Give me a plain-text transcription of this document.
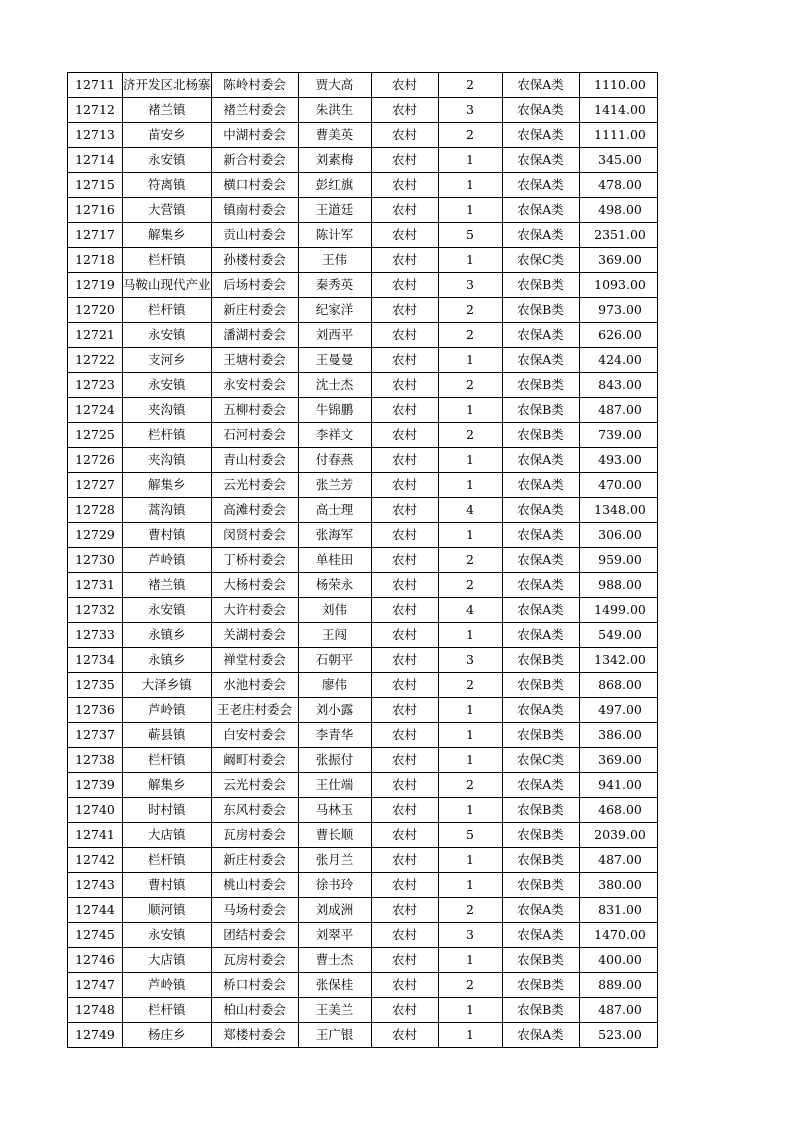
12711	济开发区北杨寨	陈岭村委会	贾大高	农村	2	农保A类	1110.00

12712	褚兰镇	褚兰村委会	朱洪生	农村	3	农保A类	1414.00

12713	苗安乡	中湖村委会	曹美英	农村	2	农保A类	1111.00

12714	永安镇	新合村委会	刘素梅	农村	1	农保A类	345.00

12715	符离镇	横口村委会	彭红旗	农村	1	农保A类	478.00

12716	大营镇	镇南村委会	王道廷	农村	1	农保A类	498.00

12717	解集乡	贡山村委会	陈计军	农村	5	农保A类	2351.00

12718	栏杆镇	孙楼村委会	王伟	农村	1	农保C类	369.00

12719	马鞍山现代产业	后场村委会	秦秀英	农村	3	农保B类	1093.00

12720	栏杆镇	新庄村委会	纪家洋	农村	2	农保B类	973.00

12721	永安镇	潘湖村委会	刘西平	农村	2	农保A类	626.00

12722	支河乡	王塘村委会	王曼曼	农村	1	农保A类	424.00

12723	永安镇	永安村委会	沈士杰	农村	2	农保B类	843.00

12724	夹沟镇	五柳村委会	牛锦鹏	农村	1	农保B类	487.00

12725	栏杆镇	石河村委会	李祥文	农村	2	农保B类	739.00

12726	夹沟镇	青山村委会	付春燕	农村	1	农保A类	493.00

12727	解集乡	云光村委会	张兰芳	农村	1	农保A类	470.00

12728	蒿沟镇	高滩村委会	高士理	农村	4	农保A类	1348.00

12729	曹村镇	闵贤村委会	张海军	农村	1	农保A类	306.00

12730	芦岭镇	丁桥村委会	单桂田	农村	2	农保A类	959.00

12731	褚兰镇	大杨村委会	杨荣永	农村	2	农保A类	988.00

12732	永安镇	大许村委会	刘伟	农村	4	农保A类	1499.00

12733	永镇乡	关湖村委会	王闯	农村	1	农保A类	549.00

12734	永镇乡	禅堂村委会	石朝平	农村	3	农保B类	1342.00

12735	大泽乡镇	水池村委会	廖伟	农村	2	农保B类	868.00

12736	芦岭镇	王老庄村委会	刘小露	农村	1	农保A类	497.00

12737	蕲县镇	白安村委会	李青华	农村	1	农保B类	386.00

12738	栏杆镇	阚町村委会	张振付	农村	1	农保C类	369.00

12739	解集乡	云光村委会	王仕端	农村	2	农保A类	941.00

12740	时村镇	东风村委会	马林玉	农村	1	农保B类	468.00

12741	大店镇	瓦房村委会	曹长顺	农村	5	农保B类	2039.00

12742	栏杆镇	新庄村委会	张月兰	农村	1	农保B类	487.00

12743	曹村镇	桃山村委会	徐书玲	农村	1	农保B类	380.00

12744	顺河镇	马场村委会	刘成洲	农村	2	农保A类	831.00

12745	永安镇	团结村委会	刘翠平	农村	3	农保A类	1470.00

12746	大店镇	瓦房村委会	曹士杰	农村	1	农保B类	400.00

12747	芦岭镇	桥口村委会	张保桂	农村	2	农保B类	889.00

12748	栏杆镇	柏山村委会	王美兰	农村	1	农保B类	487.00

12749	杨庄乡	郑楼村委会	王广银	农村	1	农保A类	523.00
